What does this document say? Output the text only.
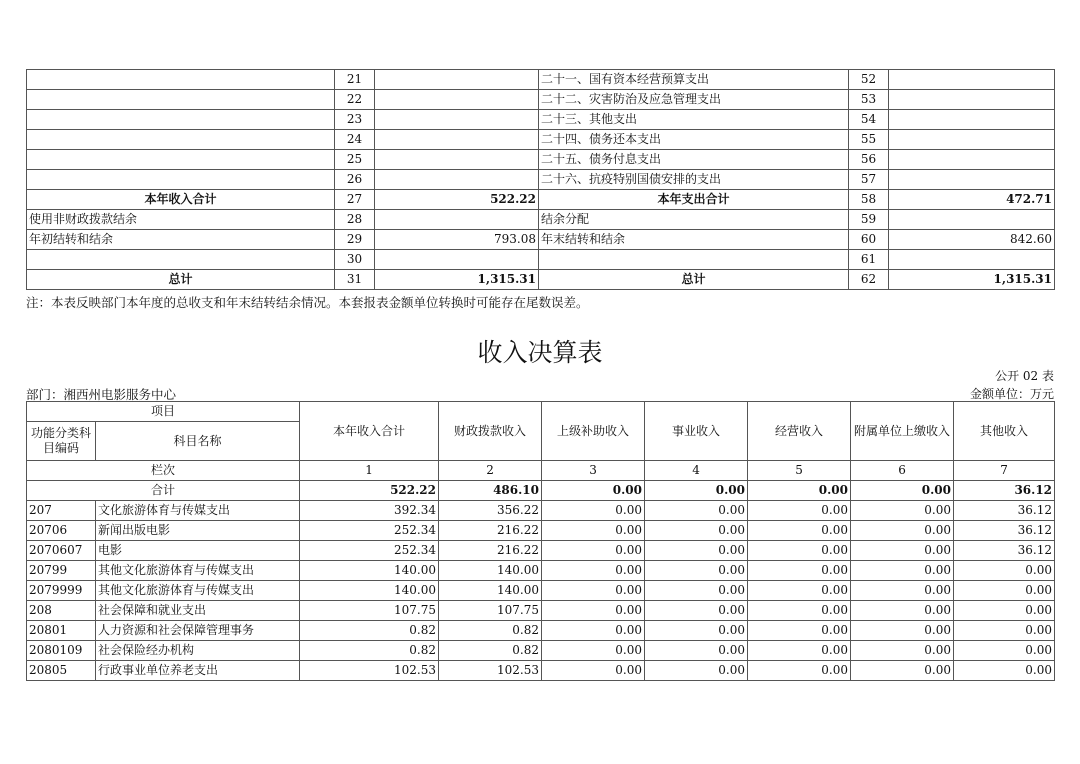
	21		二十一、国有资本经营预算支出	52	
	22		二十二、灾害防治及应急管理支出	53	
	23		二十三、其他支出	54	
	24		二十四、债务还本支出	55	
	25		二十五、债务付息支出	56	
	26		二十六、抗疫特别国债安排的支出	57	
本年收入合计	27	522.22	本年支出合计	58	472.71
使用非财政拨款结余	28		结余分配	59	
年初结转和结余	29	793.08	年末结转和结余	60	842.60
	30			61	
总计	31	1,315.31	总计	62	1,315.31
注：本表反映部门本年度的总收支和年末结转结余情况。本套报表金额单位转换时可能存在尾数误差。
收入决算表
公开 02 表
部门：湘西州电影服务中心	金额单位：万元
项目		本年收入合计	财政拨款收入	上级补助收入	事业收入	经营收入	附属单位上缴收入	其他收入
功能分类科目编码	科目名称							
栏次		1	2	3	4	5	6	7
合计		522.22	486.10	0.00	0.00	0.00	0.00	36.12
207	文化旅游体育与传媒支出	392.34	356.22	0.00	0.00	0.00	0.00	36.12
20706	新闻出版电影	252.34	216.22	0.00	0.00	0.00	0.00	36.12
2070607	电影	252.34	216.22	0.00	0.00	0.00	0.00	36.12
20799	其他文化旅游体育与传媒支出	140.00	140.00	0.00	0.00	0.00	0.00	0.00
2079999	其他文化旅游体育与传媒支出	140.00	140.00	0.00	0.00	0.00	0.00	0.00
208	社会保障和就业支出	107.75	107.75	0.00	0.00	0.00	0.00	0.00
20801	人力资源和社会保障管理事务	0.82	0.82	0.00	0.00	0.00	0.00	0.00
2080109	社会保险经办机构	0.82	0.82	0.00	0.00	0.00	0.00	0.00
20805	行政事业单位养老支出	102.53	102.53	0.00	0.00	0.00	0.00	0.00
